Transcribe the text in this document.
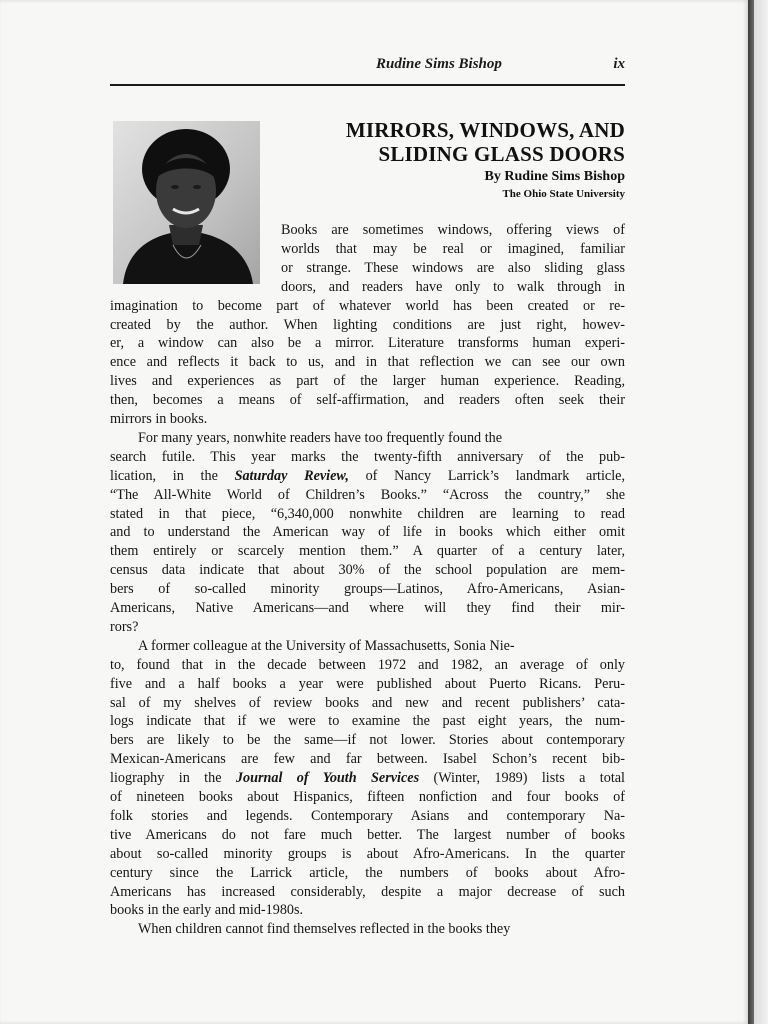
Rudine Sims Bishop	ix
MIRRORS, WINDOWS, AND
SLIDING GLASS DOORS
By Rudine Sims Bishop
The Ohio State University
Books are sometimes windows, offering views of
worlds that may be real or imagined, familiar
or strange. These windows are also sliding glass
doors, and readers have only to walk through in
imagination to become part of whatever world has been created or re-
created by the author. When lighting conditions are just right, howev-
er, a window can also be a mirror. Literature transforms human experi-
ence and reflects it back to us, and in that reflection we can see our own
lives and experiences as part of the larger human experience. Reading,
then, becomes a means of self-affirmation, and readers often seek their
mirrors in books.
For many years, nonwhite readers have too frequently found the
search futile. This year marks the twenty-fifth anniversary of the pub-
lication, in the Saturday Review, of Nancy Larrick’s landmark article,
“The All-White World of Children’s Books.” “Across the country,” she
stated in that piece, “6,340,000 nonwhite children are learning to read
and to understand the American way of life in books which either omit
them entirely or scarcely mention them.” A quarter of a century later,
census data indicate that about 30% of the school population are mem-
bers of so-called minority groups—Latinos, Afro-Americans, Asian-
Americans, Native Americans—and where will they find their mir-
rors?
A former colleague at the University of Massachusetts, Sonia Nie-
to, found that in the decade between 1972 and 1982, an average of only
five and a half books a year were published about Puerto Ricans. Peru-
sal of my shelves of review books and new and recent publishers’ cata-
logs indicate that if we were to examine the past eight years, the num-
bers are likely to be the same—if not lower. Stories about contemporary
Mexican-Americans are few and far between. Isabel Schon’s recent bib-
liography in the Journal of Youth Services (Winter, 1989) lists a total
of nineteen books about Hispanics, fifteen nonfiction and four books of
folk stories and legends. Contemporary Asians and contemporary Na-
tive Americans do not fare much better. The largest number of books
about so-called minority groups is about Afro-Americans. In the quarter
century since the Larrick article, the numbers of books about Afro-
Americans has increased considerably, despite a major decrease of such
books in the early and mid-1980s.
When children cannot find themselves reflected in the books they
